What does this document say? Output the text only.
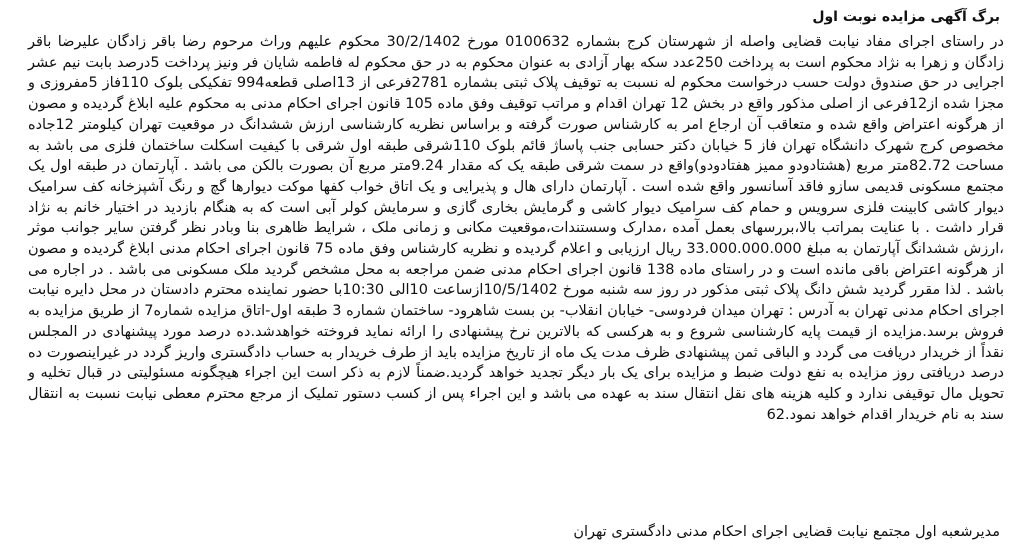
برگ آگهی مزایده نوبت اول

در راستای اجرای مفاد نیابت قضایی واصله از شهرستان کرج بشماره 0100632 مورخ 30/2/1402 محکوم علیهم وراث مرحوم رضا باقر زادگان علیرضا باقر زادگان و زهرا به نژاد محکوم است به پرداخت 250عدد سکه بهار آزادی به عنوان محکوم به در حق محکوم له فاطمه شایان فر ونیز پرداخت 5درصد بابت نیم عشر اجرایی در حق صندوق دولت حسب درخواست محکوم له نسبت به توقیف پلاک ثبتی بشماره 2781فرعی از 13اصلی قطعه994 تفکیکی بلوک 110فاز 5مفروزی و مجزا شده از12فرعی از اصلی مذکور واقع در بخش 12 تهران اقدام و مراتب توقیف وفق ماده 105 قانون اجرای احکام مدنی به محکوم علیه ابلاغ گردیده و مصون از هرگونه اعتراض واقع شده و متعاقب آن ارجاع امر به کارشناس صورت گرفته و براساس نظریه کارشناسی ارزش ششدانگ در موقعیت تهران کیلومتر 12جاده مخصوص کرج شهرک دانشگاه تهران فاز 5 خیابان دکتر حسابی جنب پاساژ قائم بلوک 110شرقی طبقه اول شرقی با کیفیت اسکلت ساختمان فلزی می باشد به مساحت 82.72متر مربع (هشتادودو ممیز هفتادودو)واقع در سمت شرقی طبقه یک که مقدار 9.24متر مربع آن بصورت بالکن می باشد . آپارتمان در طبقه اول یک مجتمع مسکونی قدیمی سازو فاقد آسانسور واقع شده است . آپارتمان دارای هال و پذیرایی و یک اتاق خواب کفها موکت دیوارها گچ و رنگ آشپزخانه کف سرامیک دیوار کاشی کابینت فلزی سرویس و حمام کف سرامیک دیوار کاشی و گرمایش بخاری گازی و سرمایش کولر آبی است که به هنگام بازدید در اختیار خانم به نژاد قرار داشت . با عنایت بمراتب بالا،بررسهای بعمل آمده ،مدارک وسستندات،موقعیت مکانی و زمانی ملک ، شرایط ظاهری بنا وبادر نظر گرفتن سایر جوانب موثر ،ارزش ششدانگ آپارتمان به مبلغ 33.000.000.000 ریال ارزیابی و اعلام گردیده و نظریه کارشناس وفق ماده 75 قانون اجرای احکام مدنی ابلاغ گردیده و مصون از هرگونه اعتراض باقی مانده است و در راستای ماده 138 قانون اجرای احکام مدنی ضمن مراجعه به محل مشخص گردید ملک مسکونی می باشد . در اجاره می باشد . لذا مقرر گردید شش دانگ پلاک ثبتی مذکور در روز سه شنبه مورخ 10/5/1402ازساعت 10الی 10:30با حضور نماینده محترم دادستان در محل دایره نیابت اجرای احکام مدنی تهران به آدرس : تهران میدان فردوسی- خیابان انقلاب- بن بست شاهرود- ساختمان شماره 3 طبقه اول-اتاق مزایده شماره7 از طریق مزایده به فروش برسد.مزایده از قیمت پایه کارشناسی شروع و به هرکسی که بالاترین نرخ پیشنهادی را ارائه نماید فروخته خواهدشد.ده درصد مورد پیشنهادی در المجلس نقداً از خریدار دریافت می گردد و الباقی ثمن پیشنهادی ظرف مدت یک ماه از تاریخ مزایده باید از طرف خریدار به حساب دادگستری واریز گردد در غیراینصورت ده درصد دریافتی روز مزایده به نفع دولت ضبط و مزایده برای یک بار دیگر تجدید خواهد گردید.ضمناً لازم به ذکر است این اجراء هیچگونه مسئولیتی در قبال تخلیه و تحویل مال توقیفی ندارد و کلیه هزینه های نقل انتقال سند به عهده می باشد و این اجراء پس از کسب دستور تملیک از مرجع محترم معطی نیابت نسبت به انتقال سند به نام خریدار اقدام خواهد نمود.62

مدیرشعبه اول مجتمع نیابت قضایی اجرای احکام مدنی دادگستری تهران
